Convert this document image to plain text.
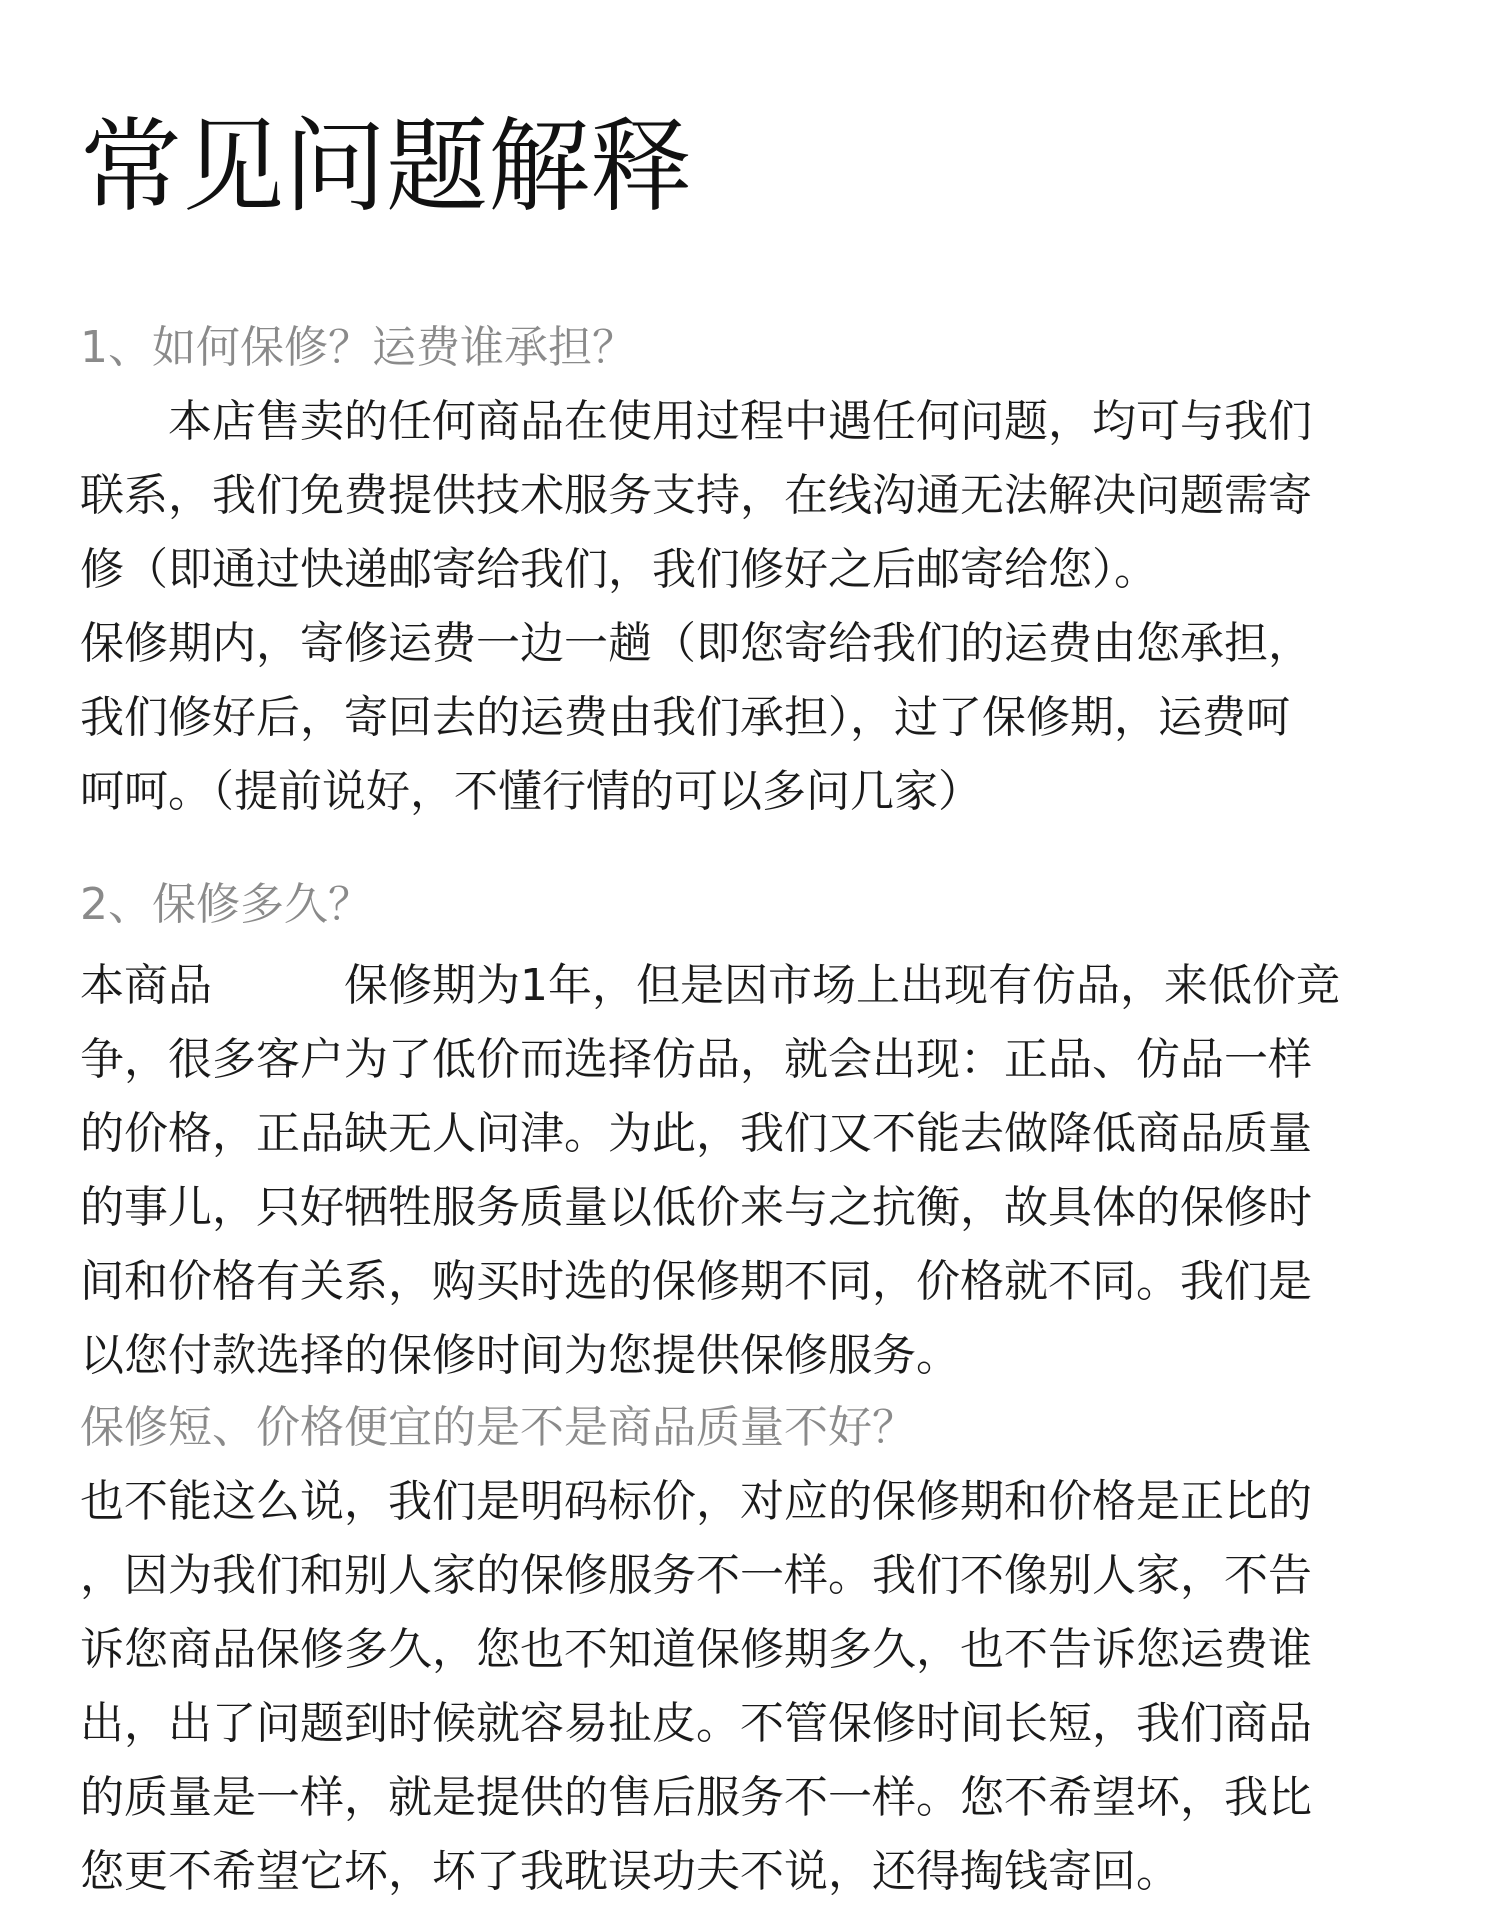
常见问题解释

1、如何保修？运费谁承担？

　　本店售卖的任何商品在使用过程中遇任何问题，均可与我们

联系，我们免费提供技术服务支持，在线沟通无法解决问题需寄

修（即通过快递邮寄给我们，我们修好之后邮寄给您）。

保修期内，寄修运费一边一趟（即您寄给我们的运费由您承担，

我们修好后，寄回去的运费由我们承担），过了保修期，运费呵

呵呵。（提前说好，不懂行情的可以多问几家）

2、保修多久？

本商品　　　保修期为1年，但是因市场上出现有仿品，来低价竞

争，很多客户为了低价而选择仿品，就会出现：正品、仿品一样

的价格，正品缺无人问津。为此，我们又不能去做降低商品质量

的事儿，只好牺牲服务质量以低价来与之抗衡，故具体的保修时

间和价格有关系，购买时选的保修期不同，价格就不同。我们是

以您付款选择的保修时间为您提供保修服务。

保修短、价格便宜的是不是商品质量不好？

也不能这么说，我们是明码标价，对应的保修期和价格是正比的

，因为我们和别人家的保修服务不一样。我们不像别人家，不告

诉您商品保修多久，您也不知道保修期多久，也不告诉您运费谁

出，出了问题到时候就容易扯皮。不管保修时间长短，我们商品

的质量是一样，就是提供的售后服务不一样。您不希望坏，我比

您更不希望它坏，坏了我耽误功夫不说，还得掏钱寄回。
